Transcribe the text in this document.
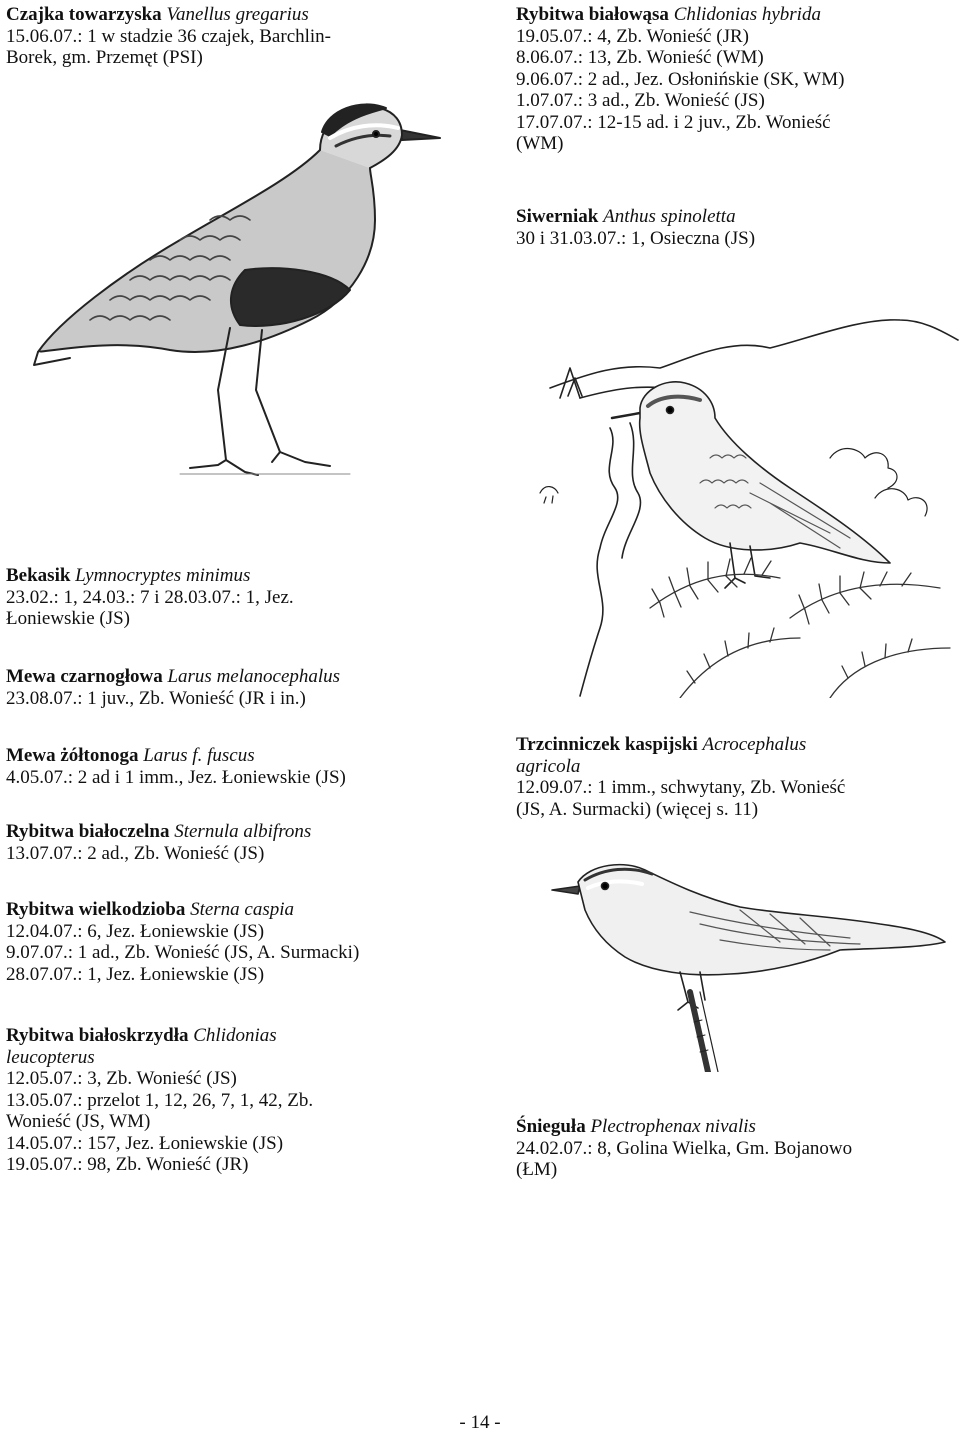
Czajka towarzyska Vanellus gregarius
15.06.07.: 1 w stadzie 36 czajek, Barchlin-
Borek, gm. Przemęt (PSI)
Bekasik Lymnocryptes minimus
23.02.: 1, 24.03.: 7 i 28.03.07.: 1, Jez.
Łoniewskie (JS)
Mewa czarnogłowa Larus melanocephalus
23.08.07.: 1 juv., Zb. Wonieść (JR i in.)
Mewa żółtonoga Larus f. fuscus
4.05.07.: 2 ad i 1 imm., Jez. Łoniewskie (JS)
Rybitwa białoczelna Sternula albifrons
13.07.07.: 2 ad., Zb. Wonieść (JS)
Rybitwa wielkodzioba Sterna caspia
12.04.07.: 6, Jez. Łoniewskie (JS)
9.07.07.: 1 ad., Zb. Wonieść (JS, A. Surmacki)
28.07.07.: 1, Jez. Łoniewskie (JS)
Rybitwa białoskrzydła Chlidonias
leucopterus
12.05.07.: 3, Zb. Wonieść (JS)
13.05.07.: przelot 1, 12, 26, 7, 1, 42, Zb.
Wonieść (JS, WM)
14.05.07.: 157, Jez. Łoniewskie (JS)
19.05.07.: 98, Zb. Wonieść (JR)
Rybitwa białowąsa Chlidonias hybrida
19.05.07.: 4, Zb. Wonieść (JR)
8.06.07.: 13, Zb. Wonieść (WM)
9.06.07.: 2 ad., Jez. Osłonińskie (SK, WM)
1.07.07.: 3 ad., Zb. Wonieść (JS)
17.07.07.: 12-15 ad. i 2 juv., Zb. Wonieść
(WM)
Siwerniak Anthus spinoletta
30 i 31.03.07.: 1, Osieczna (JS)
Trzcinniczek kaspijski Acrocephalus
agricola
12.09.07.: 1 imm., schwytany, Zb. Wonieść
(JS, A. Surmacki) (więcej s. 11)
Śnieguła Plectrophenax nivalis
24.02.07.: 8, Golina Wielka, Gm. Bojanowo
(ŁM)
- 14 -
